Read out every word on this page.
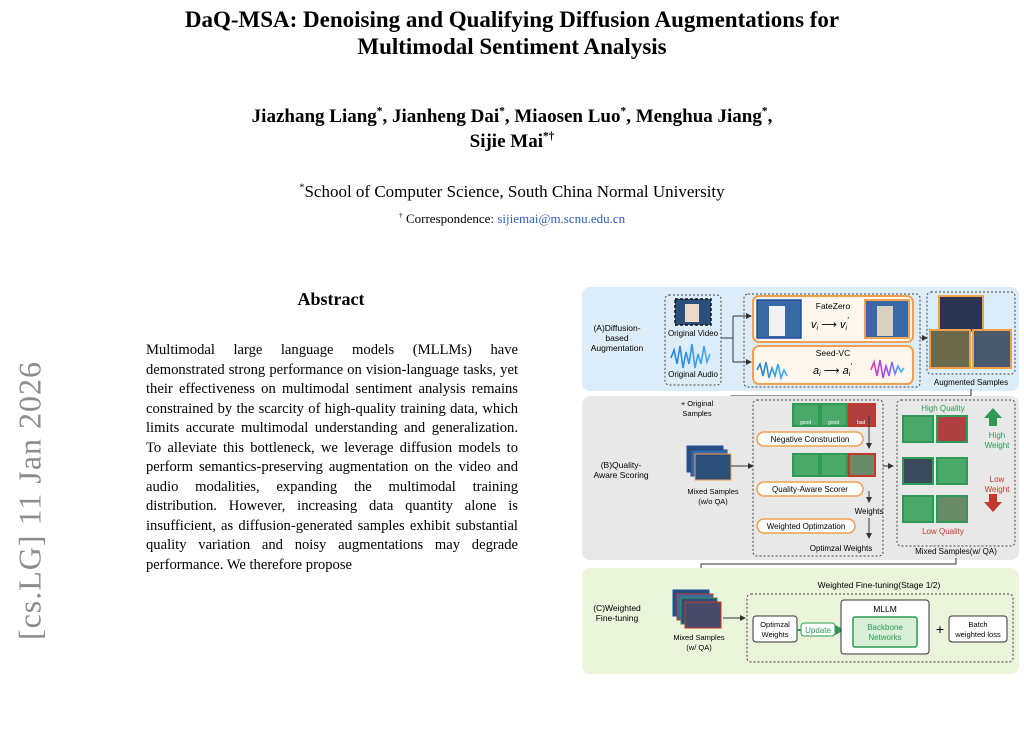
DaQ-MSA: Denoising and Qualifying Diffusion Augmentations for
Multimodal Sentiment Analysis
Jiazhang Liang*, Jianheng Dai*, Miaosen Luo*, Menghua Jiang*,
Sijie Mai*†
*School of Computer Science, South China Normal University
† Correspondence: sijiemai@m.scnu.edu.cn
[cs.LG] 11 Jan 2026
Abstract
Multimodal large language models (MLLMs) have demonstrated strong performance on vision-language tasks, yet their effectiveness on multimodal sentiment analysis remains constrained by the scarcity of high-quality training data, which limits accurate multimodal understanding and generalization. To alleviate this bottleneck, we leverage diffusion models to perform semantics-preserving augmentation on the video and audio modalities, expanding the multimodal training distribution. However, increasing data quantity alone is insufficient, as diffusion-generated samples exhibit substantial quality variation and noisy augmentations may degrade performance. We therefore propose
(A)Diffusion-
based
Augmentation
Original Video
Original Audio
FateZero
vi ⟶ vi′
Seed-VC
ai ⟶ ai′
Augmented Samples
(B)Quality-
Aware Scoring
+ Original
Samples
Mixed Samples
(w/o QA)
good	good	bad
Negative Construction
Quality-Aware Scorer
Weights
Weighted Optimzation
Optimzal Weights
High Quality
High
Weight
Low
Weight
Low Quality
Mixed Samples(w/ QA)
(C)Weighted
Fine-tuning
Mixed Samples
(w/ QA)
Weighted Fine-tuning(Stage 1/2)
Optimzal
Weights Update
MLLM
Backbone
Networks
+	Batch
weighted loss
